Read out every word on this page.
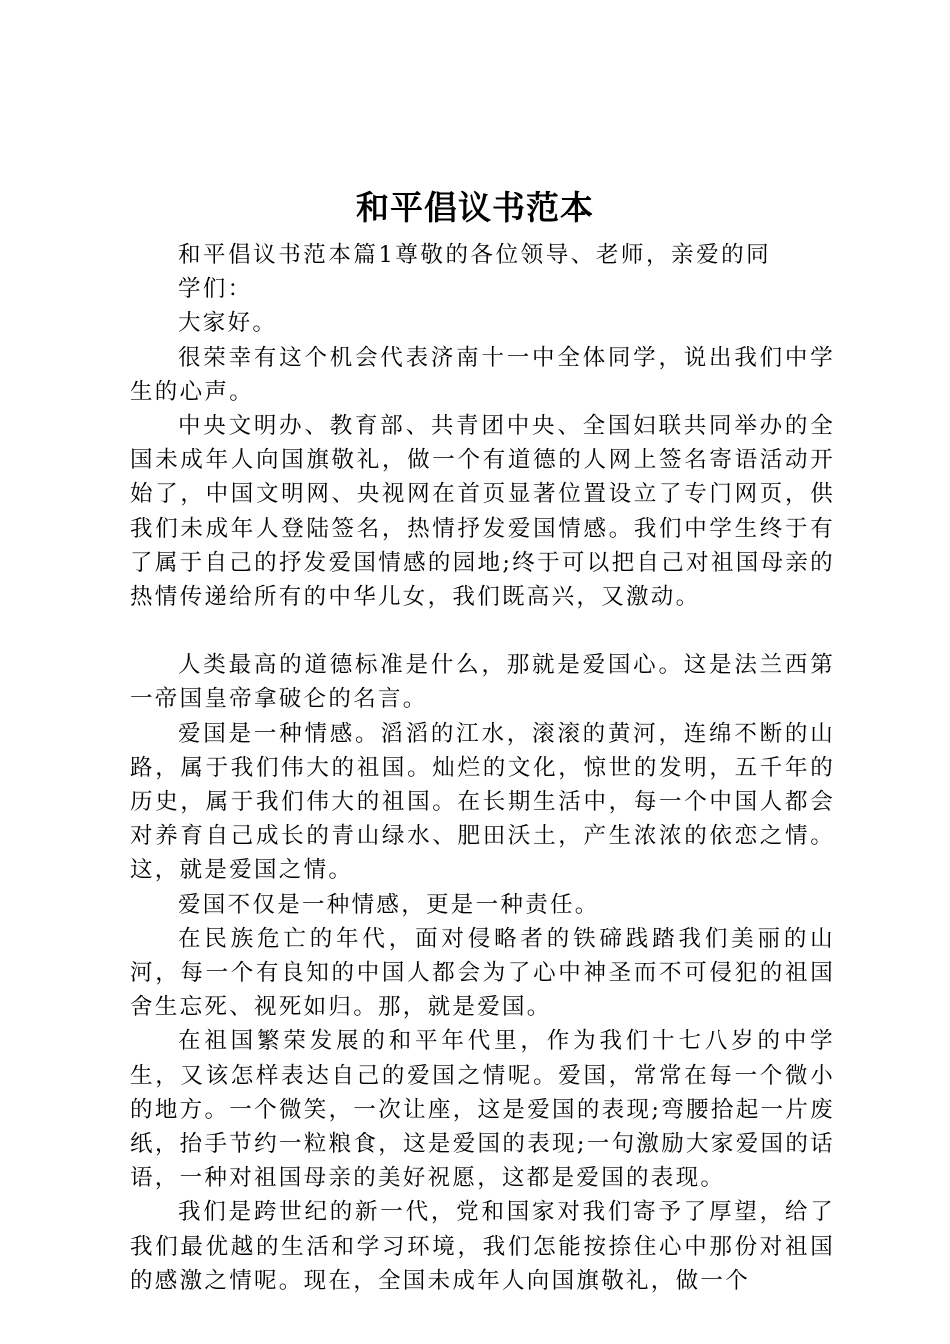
和平倡议书范本

和平倡议书范本篇1尊敬的各位领导、老师，亲爱的同学们：

大家好。

很荣幸有这个机会代表济南十一中全体同学，说出我们中学生的心声。

中央文明办、教育部、共青团中央、全国妇联共同举办的全国未成年人向国旗敬礼，做一个有道德的人网上签名寄语活动开始了，中国文明网、央视网在首页显著位置设立了专门网页，供我们未成年人登陆签名，热情抒发爱国情感。我们中学生终于有了属于自己的抒发爱国情感的园地;终于可以把自己对祖国母亲的热情传递给所有的中华儿女，我们既高兴，又激动。

人类最高的道德标准是什么，那就是爱国心。这是法兰西第一帝国皇帝拿破仑的名言。

爱国是一种情感。滔滔的江水，滚滚的黄河，连绵不断的山路，属于我们伟大的祖国。灿烂的文化，惊世的发明，五千年的历史，属于我们伟大的祖国。在长期生活中，每一个中国人都会对养育自己成长的青山绿水、肥田沃土，产生浓浓的依恋之情。这，就是爱国之情。

爱国不仅是一种情感，更是一种责任。

在民族危亡的年代，面对侵略者的铁碲践踏我们美丽的山河，每一个有良知的中国人都会为了心中神圣而不可侵犯的祖国舍生忘死、视死如归。那，就是爱国。

在祖国繁荣发展的和平年代里，作为我们十七八岁的中学生，又该怎样表达自己的爱国之情呢。爱国，常常在每一个微小的地方。一个微笑，一次让座，这是爱国的表现;弯腰拾起一片废纸，抬手节约一粒粮食，这是爱国的表现;一句激励大家爱国的话语，一种对祖国母亲的美好祝愿，这都是爱国的表现。

我们是跨世纪的新一代，党和国家对我们寄予了厚望，给了我们最优越的生活和学习环境，我们怎能按捺住心中那份对祖国的感激之情呢。现在，全国未成年人向国旗敬礼，做一个
